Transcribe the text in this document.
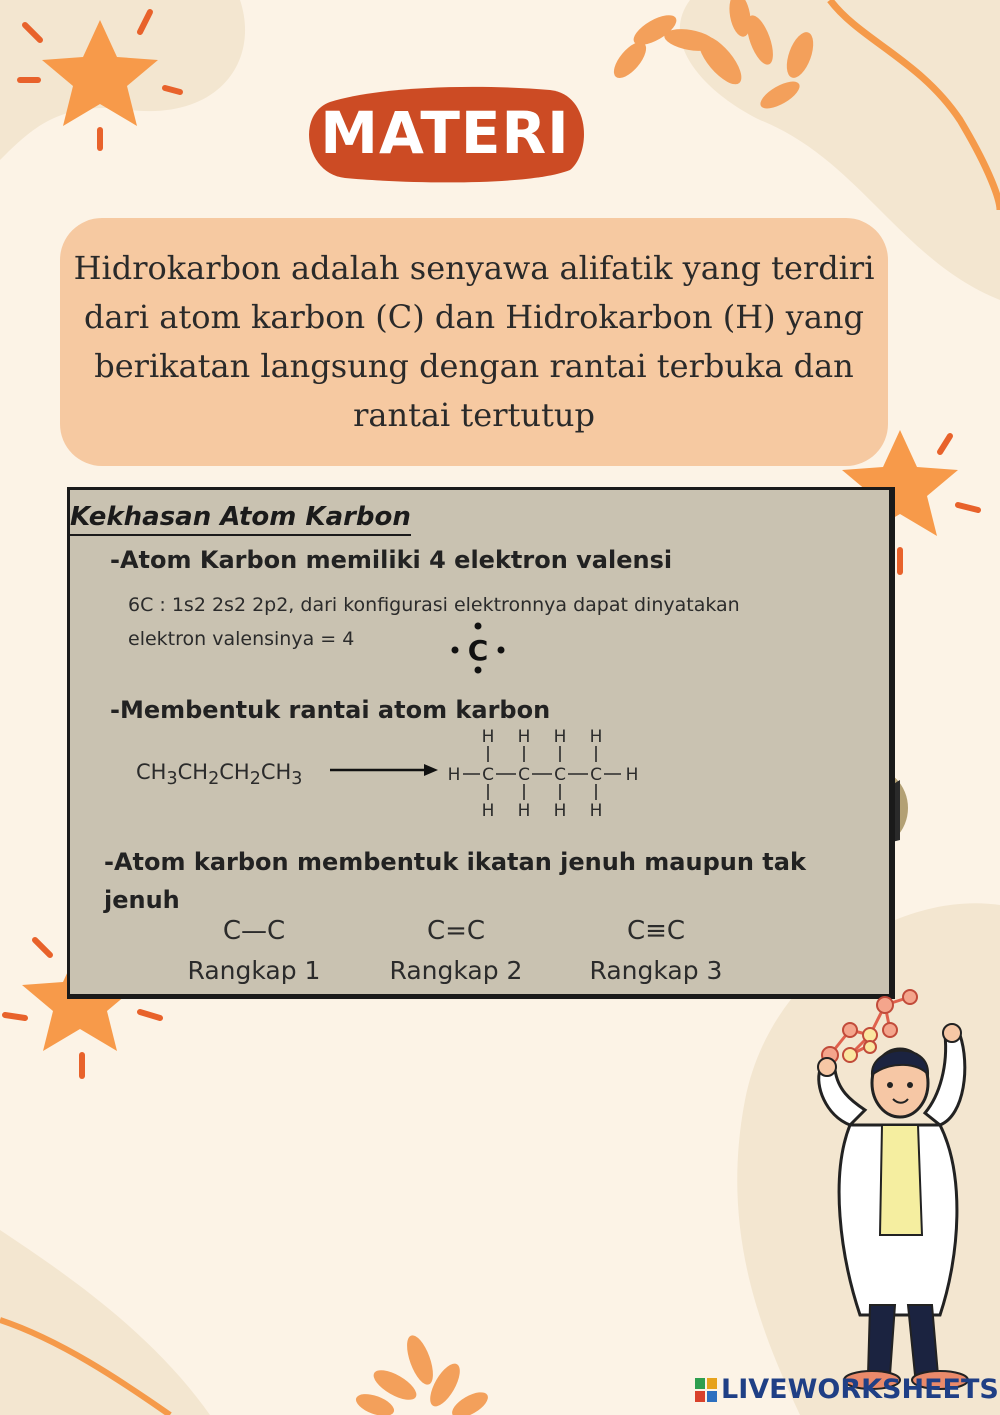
MATERI

Hidrokarbon adalah senyawa alifatik yang terdiri
dari atom karbon (C) dan Hidrokarbon (H) yang
berikatan langsung dengan rantai terbuka dan
rantai tertutup

Kekhasan Atom Karbon
-Atom Karbon memiliki 4 elektron valensi
6C : 1s2 2s2 2p2, dari konfigurasi elektronnya dapat dinyatakan
elektron valensinya = 4	C
-Membentuk rantai atom karbon
$CH_3CH_2CH_2CH_3$	H C
H
H
C
H
H
C
H
H
C
H
H
H
-Atom karbon membentuk ikatan jenuh maupun tak
jenuh
C—C
Rangkap 1
C=C
Rangkap 2
C≡C
Rangkap 3
LIVEWORKSHEETS
